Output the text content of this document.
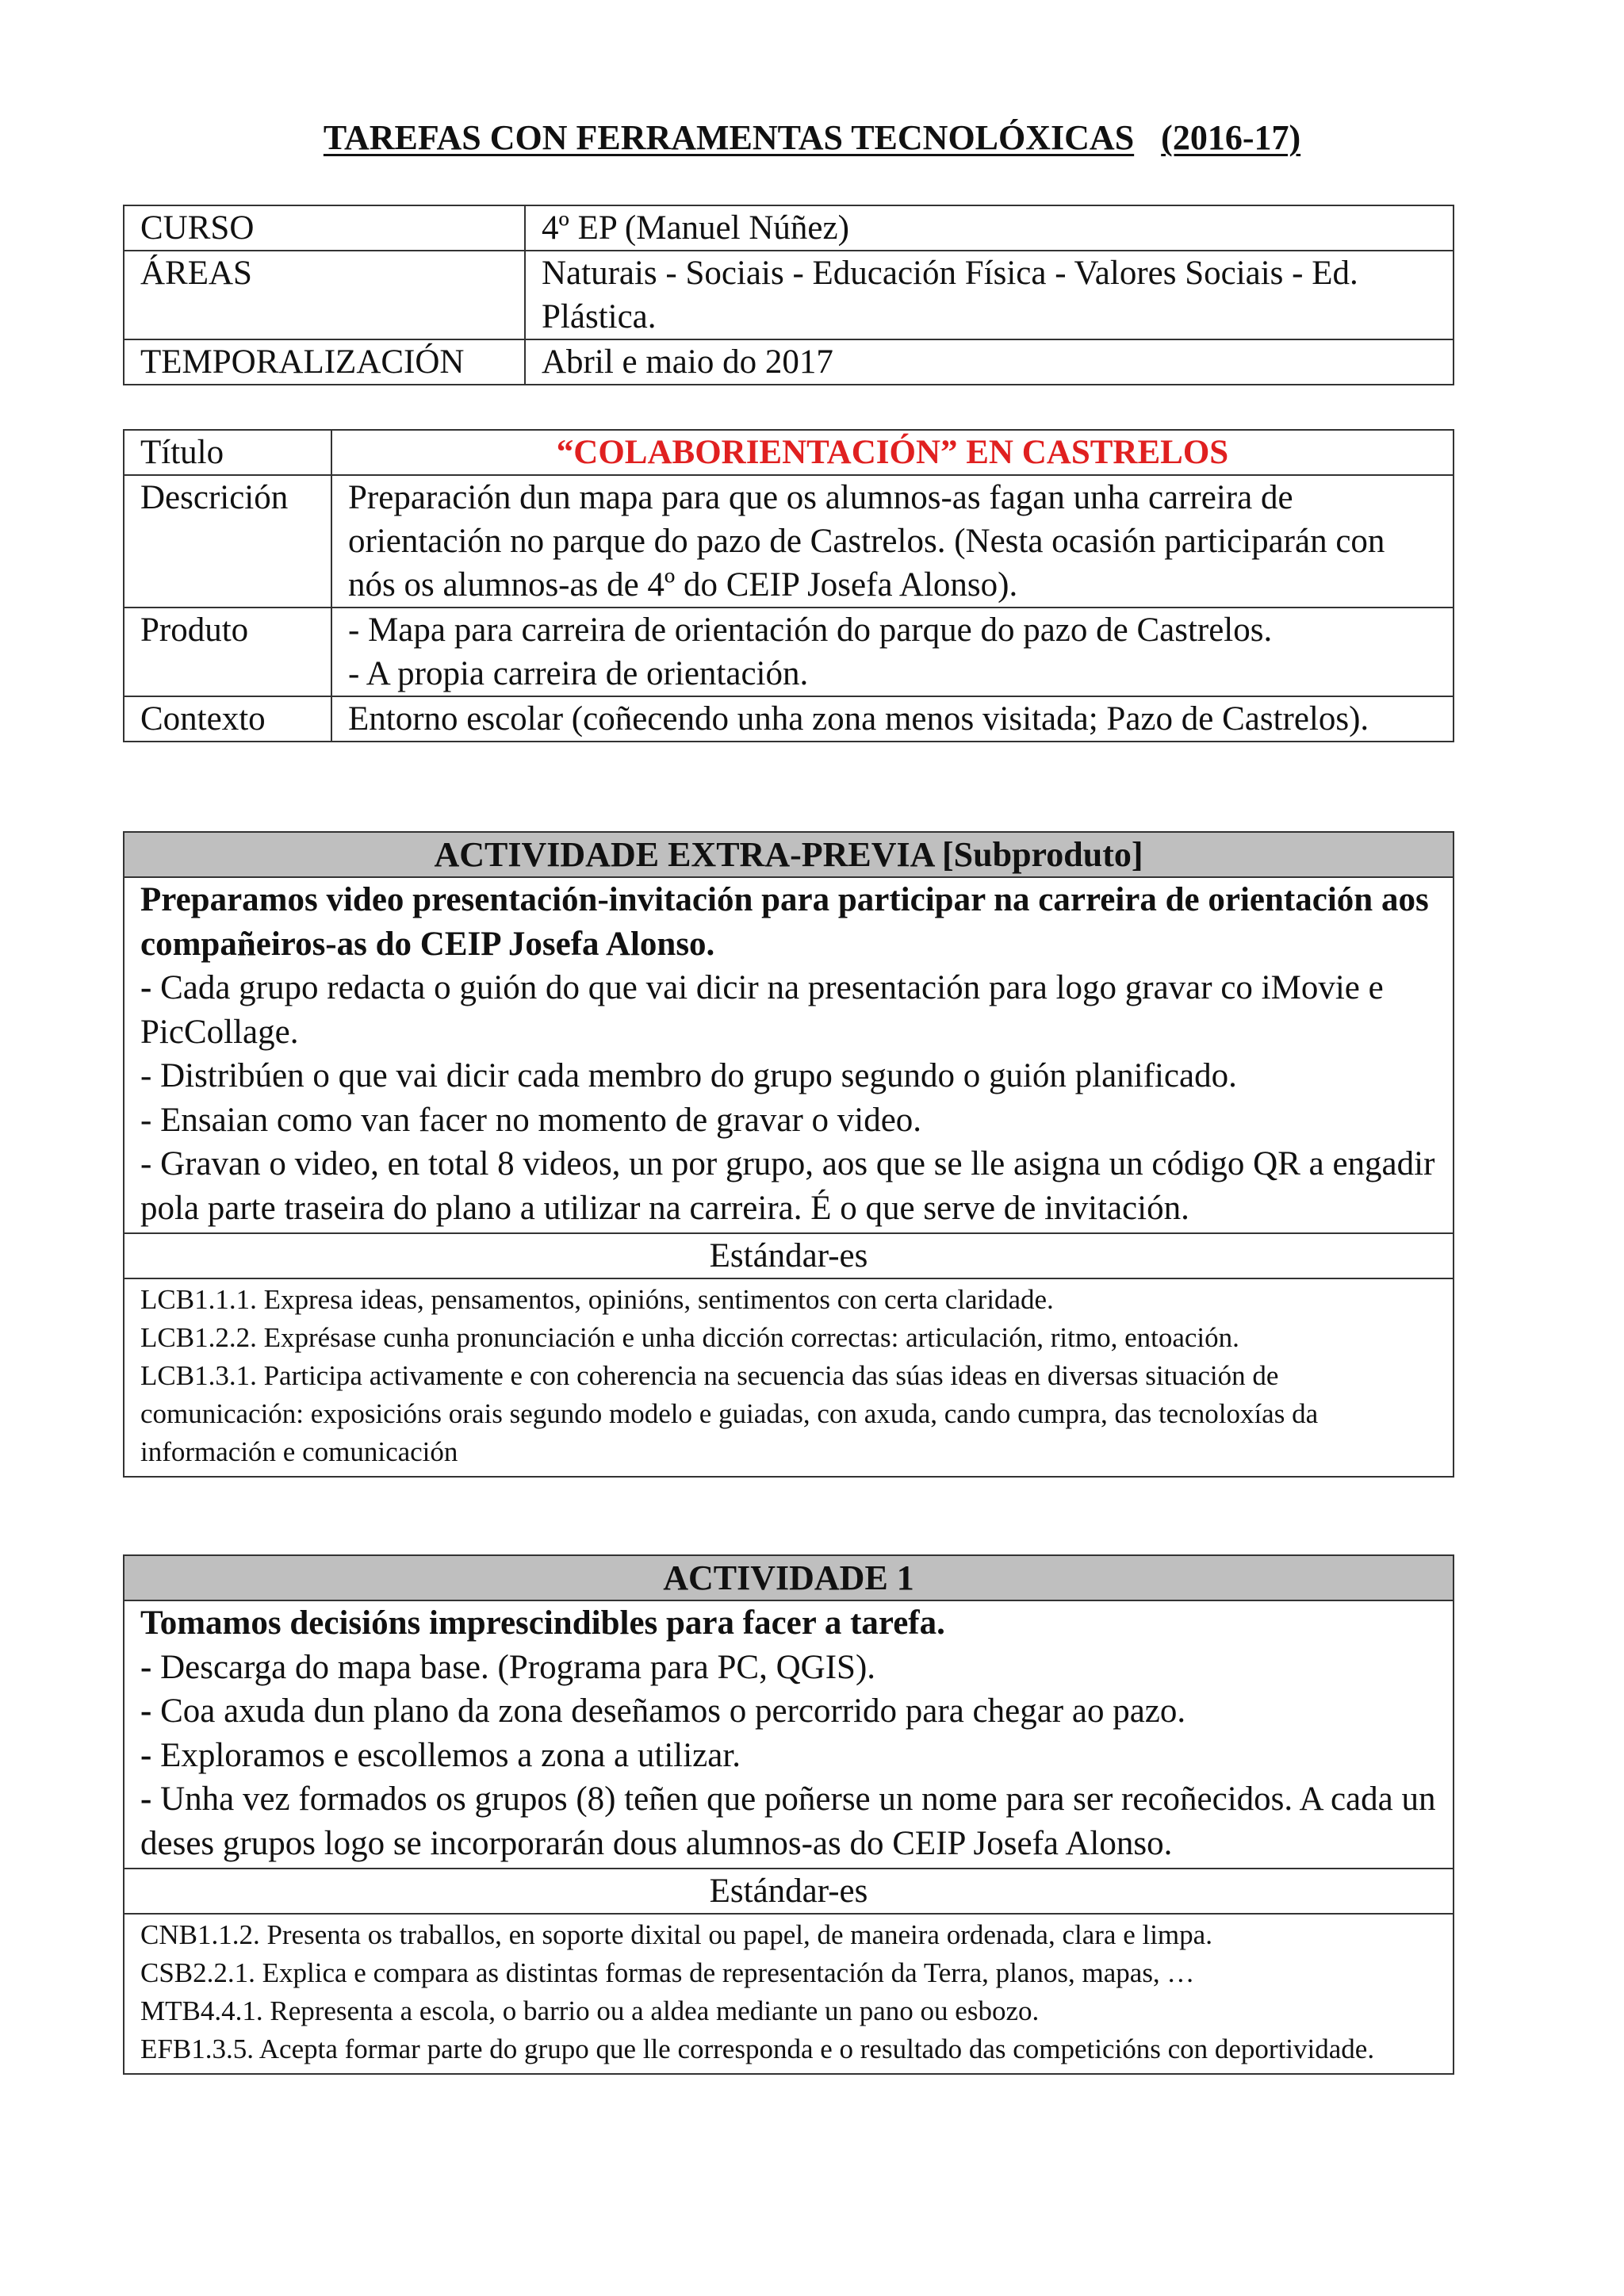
TAREFAS CON FERRAMENTAS TECNOLÓXICAS (2016-17)
CURSO	4º EP (Manuel Núñez)
ÁREAS	Naturais - Sociais - Educación Física - Valores Sociais - Ed. Plástica.
TEMPORALIZACIÓN	Abril e maio do 2017
Título	“COLABORIENTACIÓN” EN CASTRELOS
Descrición	Preparación dun mapa para que os alumnos-as fagan unha carreira de orientación no parque do pazo de Castrelos. (Nesta ocasión participarán con nós os alumnos-as de 4º do CEIP Josefa Alonso).
Produto	- Mapa para carreira de orientación do parque do pazo de Castrelos.
- A propia carreira de orientación.

Contexto	Entorno escolar (coñecendo unha zona menos visitada; Pazo de Castrelos).
ACTIVIDADE EXTRA-PREVIA [Subproduto]

Preparamos video presentación-invitación para participar na carreira de orientación aos compañeiros-as do CEIP Josefa Alonso.
- Cada grupo redacta o guión do que vai dicir na presentación para logo gravar co iMovie e PicCollage.
- Distribúen o que vai dicir cada membro do grupo segundo o guión planificado.
- Ensaian como van facer no momento de gravar o video.
- Gravan o video, en total 8 videos, un por grupo, aos que se lle asigna un código QR a engadir pola parte traseira do plano a utilizar na carreira. É o que serve de invitación.

Estándar-es

LCB1.1.1. Expresa ideas, pensamentos, opinións, sentimentos con certa claridade.
LCB1.2.2. Exprésase cunha pronunciación e unha dicción correctas: articulación, ritmo, entoación.
LCB1.3.1. Participa activamente e con coherencia na secuencia das súas ideas en diversas situación de comunicación: exposicións orais segundo modelo e guiadas, con axuda, cando cumpra, das tecnoloxías da información e comunicación
ACTIVIDADE 1

Tomamos decisións imprescindibles para facer a tarefa.
- Descarga do mapa base. (Programa para PC, QGIS).
- Coa axuda dun plano da zona deseñamos o percorrido para chegar ao pazo.
- Exploramos e escollemos a zona a utilizar.
- Unha vez formados os grupos (8) teñen que poñerse un nome para ser recoñecidos. A cada un deses grupos logo se incorporarán dous alumnos-as do CEIP Josefa Alonso.

Estándar-es

CNB1.1.2. Presenta os traballos, en soporte dixital ou papel, de maneira ordenada, clara e limpa.
CSB2.2.1. Explica e compara as distintas formas de representación da Terra, planos, mapas, …
MTB4.4.1. Representa a escola, o barrio ou a aldea mediante un pano ou esbozo.
EFB1.3.5. Acepta formar parte do grupo que lle corresponda e o resultado das competicións con deportividade.
